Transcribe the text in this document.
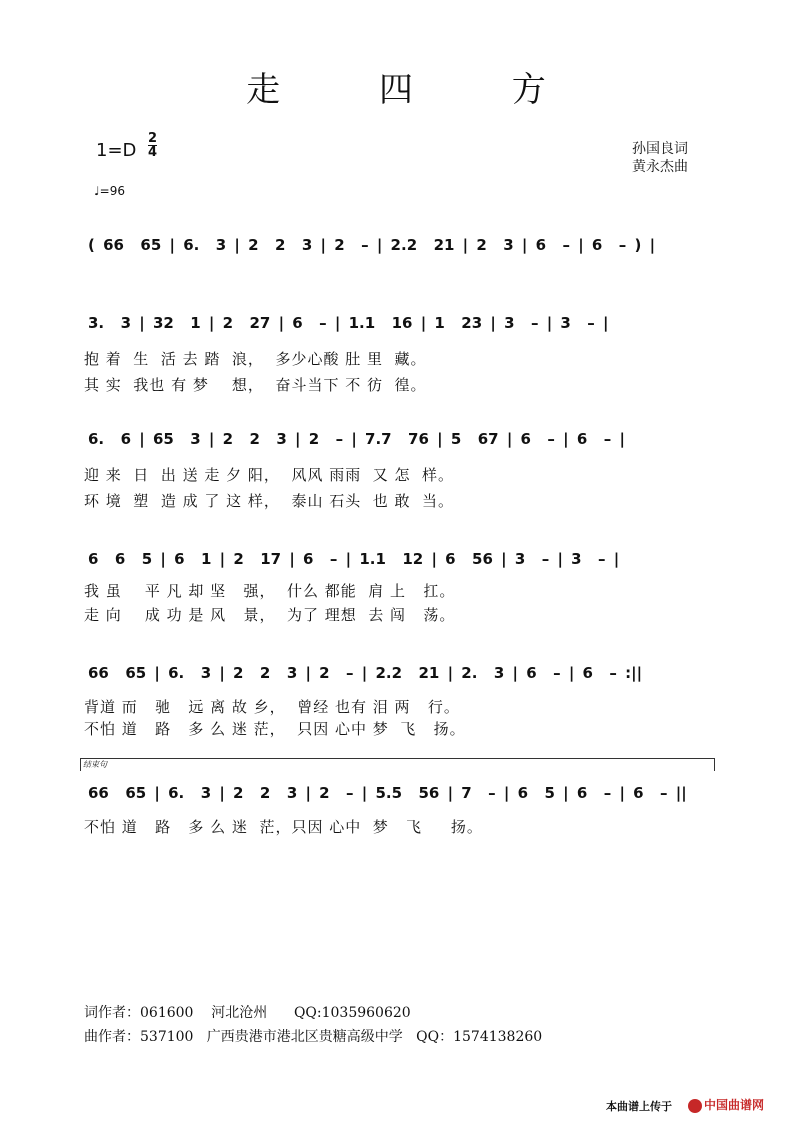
走 四 方
1=D
2
4
♩=96
孙国良词
黄永杰曲
( 66  65 | 6.  3 | 2  2  3 | 2  – | 2.2  21 | 2  3 | 6  – | 6  – ) |
3.  3 | 32  1 | 2  27 | 6  – | 1.1  16 | 1  23 | 3  – | 3  – |
抱 着  生  活 去 踏  浪，  多少心酸 肚 里  藏。
其 实  我也 有 梦    想，  奋斗当下 不 彷  徨。
6.  6 | 65  3 | 2  2  3 | 2  – | 7.7  76 | 5  67 | 6  – | 6  – |
迎 来  日  出 送 走 夕 阳，  风风 雨雨  又 怎  样。
环 境  塑  造 成 了 这 样，  泰山 石头  也 敢  当。
6  6  5 | 6  1 | 2  17 | 6  – | 1.1  12 | 6  56 | 3  – | 3  – |
我 虽    平 凡 却 坚   强，  什么 都能  肩 上   扛。
走 向    成 功 是 风   景，  为了 理想  去 闯   荡。
66  65 | 6.  3 | 2  2  3 | 2  – | 2.2  21 | 2.  3 | 6  – | 6  – :||
背道 而   驰   远 离 故 乡，  曾经 也有 泪 两   行。
不怕 道   路   多 么 迷 茫，  只因 心中 梦  飞   扬。
结束句
66  65 | 6.  3 | 2  2  3 | 2  – | 5.5  56 | 7  – | 6  5 | 6  – | 6  – ||
不怕 道   路   多 么 迷  茫，只因 心中  梦   飞     扬。
词作者：061600    河北沧州      QQ:1035960620
曲作者：537100   广西贵港市港北区贵糖高级中学   QQ：1574138260
本曲谱上传于	中国曲谱网
